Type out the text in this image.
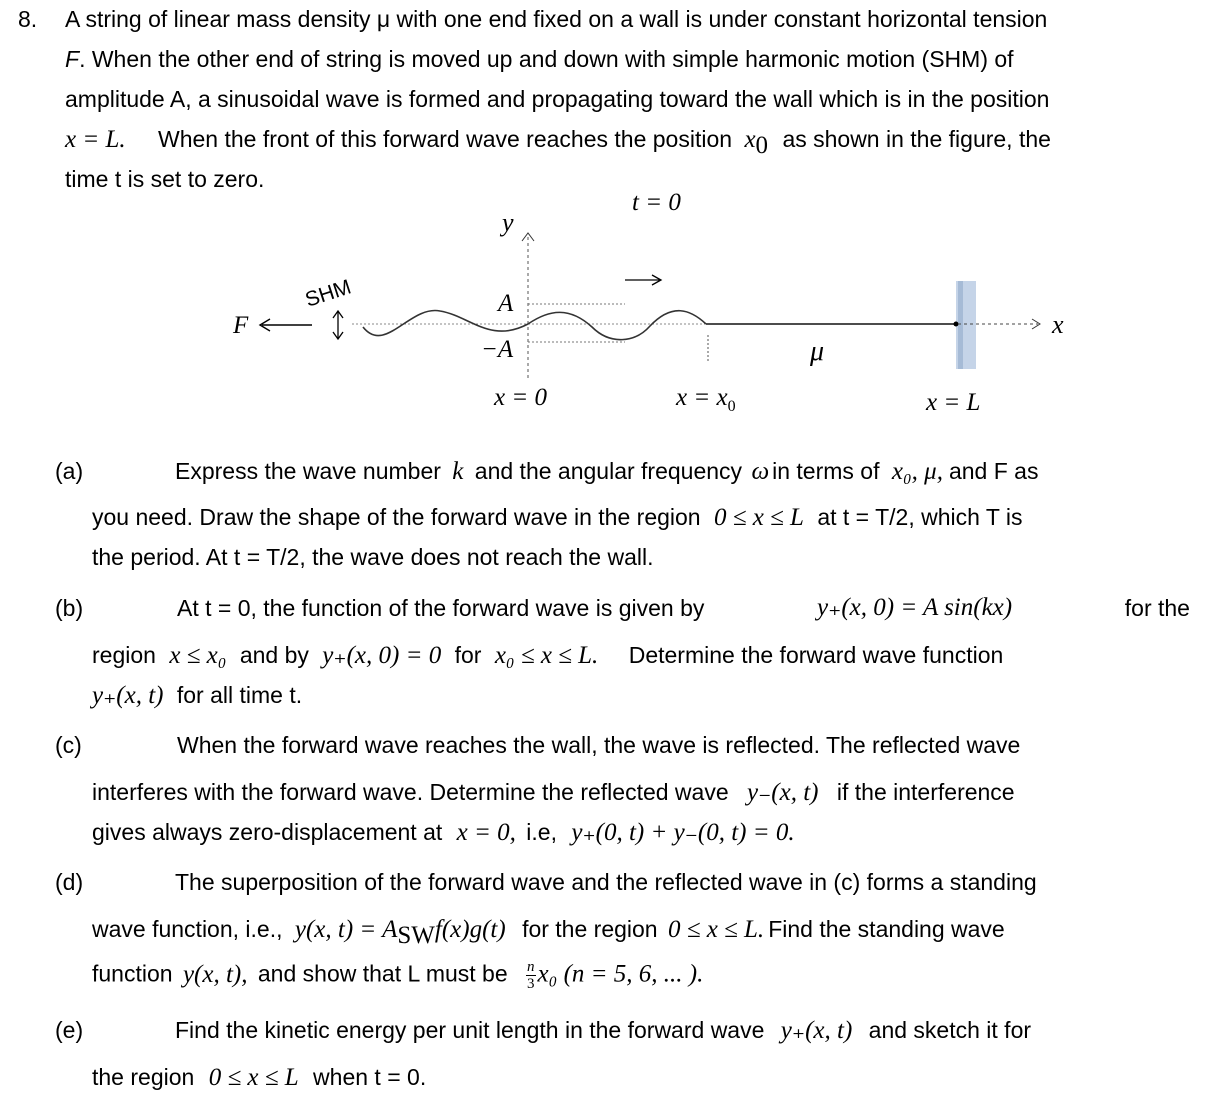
8. A string of linear mass density μ with one end fixed on a wall is under constant horizontal tension
F. When the other end of string is moved up and down with simple harmonic motion (SHM) of
amplitude A, a sinusoidal wave is formed and propagating toward the wall which is in the position
x = L. When the front of this forward wave reaches the position $x_0$ as shown in the figure, the
time t is set to zero.
t = 0
y
SHM
F
A
−A	μ
x
x = 0	$x = x_0$	x = L
(a)	Express the wave number k and the angular frequency ω in terms of x₀, μ, and F as
you need. Draw the shape of the forward wave in the region 0 ≤ x ≤ L at t = T/2, which T is
the period. At t = T/2, the wave does not reach the wall.
(b)	At t = 0, the function of the forward wave is given by	y₊(x, 0) = A sin(kx)	for the
region x ≤ x₀ and by y₊(x, 0) = 0 for x₀ ≤ x ≤ L. Determine the forward wave function
y₊(x, t) for all time t.
(c)	When the forward wave reaches the wall, the wave is reflected. The reflected wave
interferes with the forward wave. Determine the reflected wave y₋(x, t) if the interference
gives always zero-displacement at x = 0, i.e, y₊(0, t) + y₋(0, t) = 0.
(d)	The superposition of the forward wave and the reflected wave in (c) forms a standing
wave function, i.e., y(x, $t) = A_{SW}f(x)g(t)$ for the region 0 ≤ x ≤ L. Find the standing wave
function y(x, t), and show that L must be $\frac{n}{3} x_0$ (n = 5, 6, ... ).
(e)	Find the kinetic energy per unit length in the forward wave y₊(x, t) and sketch it for
the region 0 ≤ x ≤ L when t = 0.
